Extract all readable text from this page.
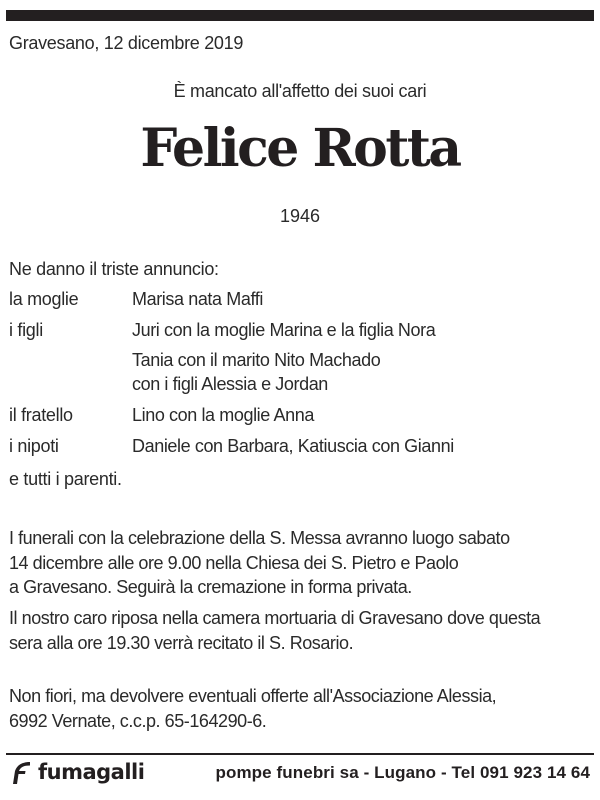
Gravesano, 12 dicembre 2019
È mancato all'affetto dei suoi cari
Felice Rotta
1946
Ne danno il triste annuncio:
la moglie	Marisa nata Maffi
i figli	Juri con la moglie Marina e la figlia Nora
Tania con il marito Nito Machado
con i figli Alessia e Jordan
il fratello	Lino con la moglie Anna
i nipoti	Daniele con Barbara, Katiuscia con Gianni
e tutti i parenti.
I funerali con la celebrazione della S. Messa avranno luogo sabato
14 dicembre alle ore 9.00 nella Chiesa dei S. Pietro e Paolo
a Gravesano. Seguirà la cremazione in forma privata.
Il nostro caro riposa nella camera mortuaria di Gravesano dove questa
sera alla ore 19.30 verrà recitato il S. Rosario.
Non fiori, ma devolvere eventuali offerte all'Associazione Alessia,
6992 Vernate, c.c.p. 65-164290-6.
fumagalli	pompe funebri sa - Lugano - Tel 091 923 14 64
